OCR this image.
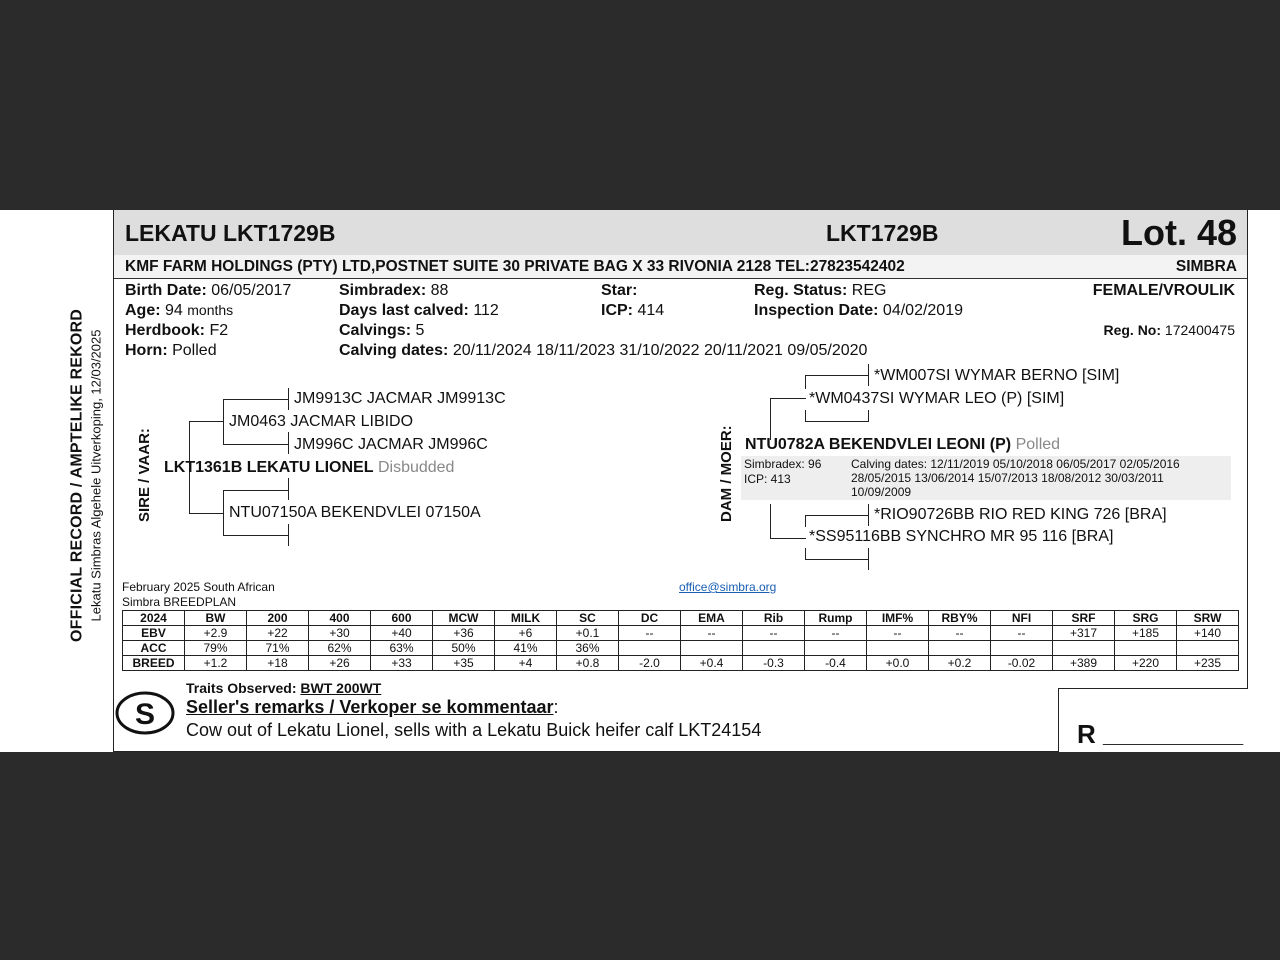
OFFICIAL RECORD / AMPTELIKE REKORD Lekatu Simbras Algehele Uitverkoping, 12/03/2025
LEKATU LKT1729B	LKT1729B	Lot. 48
KMF FARM HOLDINGS (PTY) LTD,POSTNET SUITE 30 PRIVATE BAG X 33 RIVONIA 2128 TEL:27823542402	SIMBRA
Birth Date: 06/05/2017
Age: 94 months
Herdbook: F2
Horn: Polled
Simbradex: 88
Days last calved: 112
Calvings: 5
Calving dates: 20/11/2024 18/11/2023 31/10/2022 20/11/2021 09/05/2020
Star:
ICP: 414
Reg. Status: REG
Inspection Date: 04/02/2019
FEMALE/VROULIK
Reg. No: 172400475
SIRE / VAAR: LKT1361B LEKATU LIONEL Disbudded
JM0463 JACMAR LIBIDO
JM9913C JACMAR JM9913C
JM996C JACMAR JM996C
NTU07150A BEKENDVLEI 07150A	DAM / MOER:
*WM0437SI WYMAR LEO (P) [SIM]
*WM007SI WYMAR BERNO [SIM]
NTU0782A BEKENDVLEI LEONI (P) Polled
Simbradex: 96
ICP: 413
Calving dates: 12/11/2019 05/10/2018 06/05/2017 02/05/2016
28/05/2015 13/06/2014 15/07/2013 18/08/2012 30/03/2011
10/09/2009
*RIO90726BB RIO RED KING 726 [BRA]
*SS95116BB SYNCHRO MR 95 116 [BRA]
February 2025 South African
Simbra BREEDPLAN
office@simbra.org
2024	BW	200	400	600	MCW	MILK	SC	DC	EMA	Rib	Rump	IMF%	RBY%	NFI	SRF	SRG	SRW
EBV	+2.9	+22	+30	+40	+36	+6	+0.1	--	--	--	--	--	--	--	+317	+185	+140
ACC	79%	71%	62%	63%	50%	41%	36%										
BREED	+1.2	+18	+26	+33	+35	+4	+0.8	-2.0	+0.4	-0.3	-0.4	+0.0	+0.2	-0.02	+389	+220	+235
S
Traits Observed: BWT 200WT
Seller's remarks / Verkoper se kommentaar:
Cow out of Lekatu Lionel, sells with a Lekatu Buick heifer calf LKT24154	R __________________
